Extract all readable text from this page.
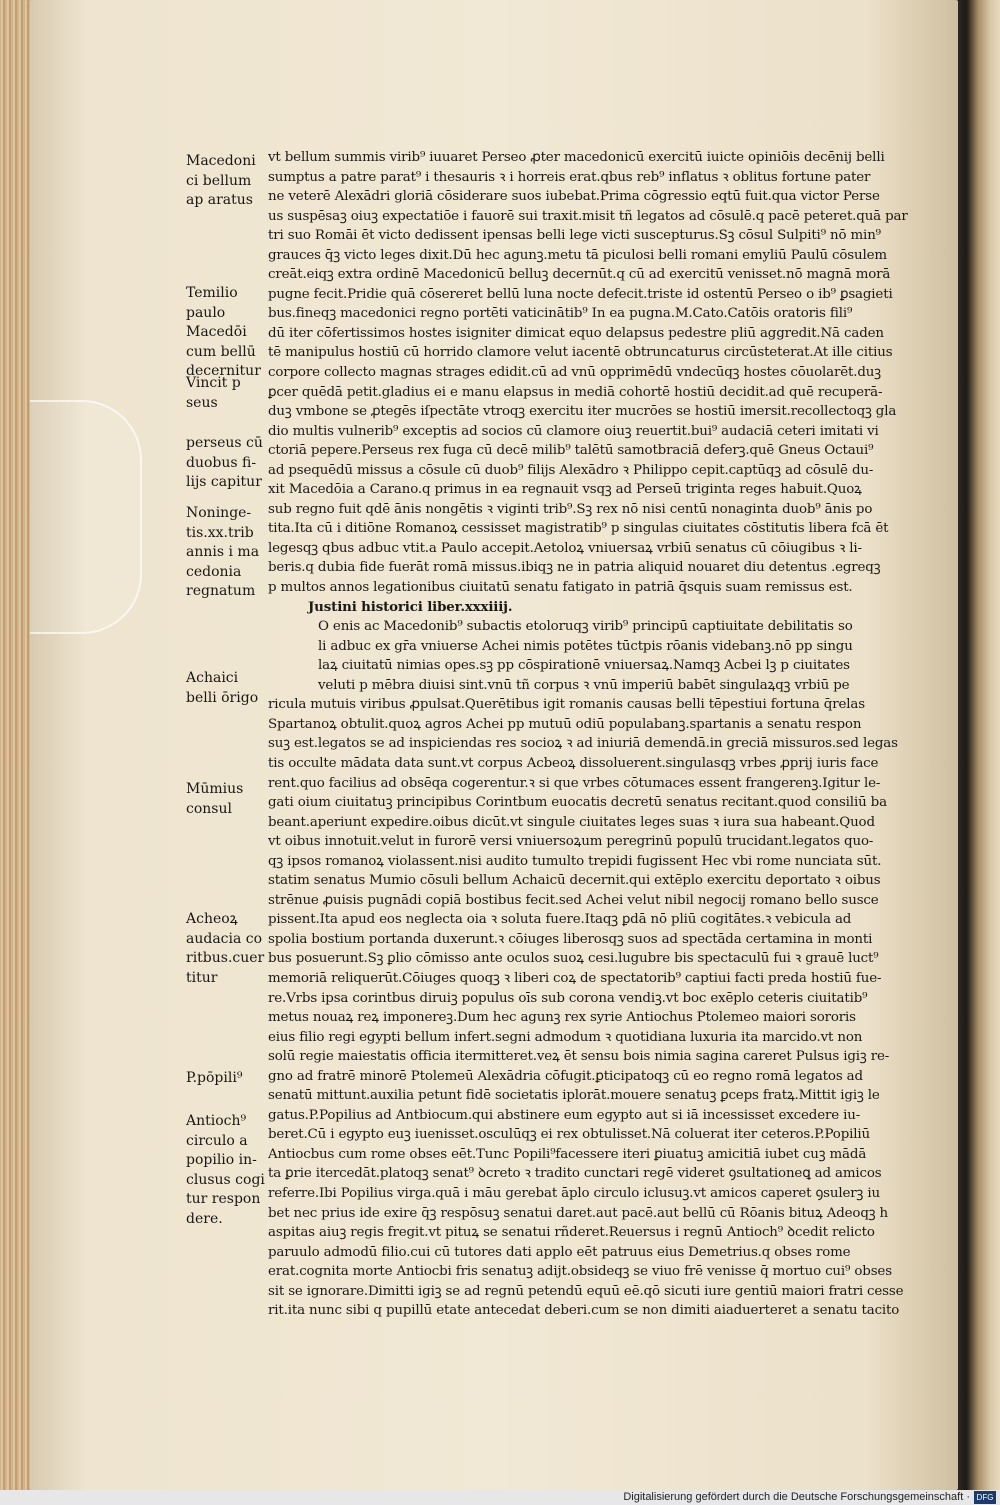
Macedoni
ci bellum
ap aratus
Temilio
paulo
Macedōi
cum bellū
decernitur
Vincit p
seus
perseus cū
duobus fi-
lijs capitur
Noninge-
tis.xx.trib
annis i ma
cedonia
regnatum
Achaici
belli ōrigo
Mūmius
consul
Acheoꝝ
audacia co
ritbus.cuer
titur
P.pōpili⁹
Antioch⁹
circulo a
popilio in-
clusus cogi
tur respon
dere.
vt bellum summis virib⁹ iuuaret Perseo ꝓter macedonicū exercitū iuicte opiniōis decēnij belli
sumptus a patre parat⁹ i thesauris ꝛ i horreis erat.qbus reb⁹ inflatus ꝛ oblitus fortune pater
ne veterē Alexādri gloriā cōsiderare suos iubebat.Prima cōgressio eqtū fuit.qua victor Perse
us suspēsaꝫ oiuꝫ expectatiōe i fauorē sui traxit.misit tñ legatos ad cōsulē.q pacē peteret.quā par
tri suo Romāi ēt victo dedissent ipensas belli lege victi suscepturus.Sꝫ cōsul Sulpiti⁹ nō min⁹
grauces q̄ꝫ victo leges dixit.Dū hec agunꝫ.metu tā piculosi belli romani emyliū Paulū cōsulem
creāt.eiqꝫ extra ordinē Macedonicū belluꝫ decernūt.q cū ad exercitū venisset.nō magnā morā
pugne fecit.Pridie quā cōsereret bellū luna nocte defecit.triste id ostentū Perseo o ib⁹ ꝑsagieti
bus.fineqꝫ macedonici regno portēti vaticinātib⁹ In ea pugna.M.Cato.Catōis oratoris fili⁹
dū iter cōfertissimos hostes isigniter dimicat equo delapsus pedestre pliū aggredit.Nā caden
tē manipulus hostiū cū horrido clamore velut iacentē obtruncaturus circūsteterat.At ille citius
corpore collecto magnas strages edidit.cū ad vnū opprimēdū vndecūqꝫ hostes cōuolarēt.duꝫ
ꝑcer quēdā petit.gladius ei e manu elapsus in mediā cohortē hostiū decidit.ad quē recuperā-
duꝫ vmbone se ꝓtegēs iſpectāte vtroqꝫ exercitu iter mucrōes se hostiū imersit.recollectoqꝫ gla
dio multis vulnerib⁹ exceptis ad socios cū clamore oiuꝫ reuertit.bui⁹ audaciā ceteri imitati vi
ctoriā pepere.Perseus rex fuga cū decē milib⁹ talētū samotbraciā deferꝫ.quē Gneus Octaui⁹
ad psequēdū missus a cōsule cū duob⁹ filijs Alexādro ꝛ Philippo cepit.captūqꝫ ad cōsulē du-
xit Macedōia a Carano.q primus in ea regnauit vsqꝫ ad Perseū triginta reges habuit.Quoꝝ
sub regno fuit qdē ānis nongētis ꝛ viginti trib⁹.Sꝫ rex nō nisi centū nonaginta duob⁹ ānis po
tita.Ita cū i ditiōne Romanoꝝ cessisset magistratib⁹ p singulas ciuitates cōstitutis libera fcā ēt
legesqꝫ qbus adbuc vtit.a Paulo accepit.Aetoloꝝ vniuersaꝝ vrbiū senatus cū cōiugibus ꝛ li-
beris.q dubia fide fuerāt romā missus.ibiqꝫ ne in patria aliquid nouaret diu detentus .egreqꝫ
p multos annos legationibus ciuitatū senatu fatigato in patriā q̄squis suam remissus est.
Justini historici liber.xxxiiij.
O enis ac Macedonib⁹ subactis etoloruqꝫ virib⁹ principū captiuitate debilitatis so
li adbuc ex gr̄a vniuerse Achei nimis potētes tūctpis rōanis videbanꝫ.nō pp singu
laꝝ ciuitatū nimias opes.sꝫ pp cōspirationē vniuersaꝝ.Namqꝫ Acbei lꝫ p ciuitates
veluti p mēbra diuisi sint.vnū tñ corpus ꝛ vnū imperiū babēt singulaꝝqꝫ vrbiū pe
ricula mutuis viribus ꝓpulsat.Querētibus igit romanis causas belli tēpestiui fortuna q̄relas
Spartanoꝝ obtulit.quoꝝ agros Achei pp mutuū odiū populabanꝫ.spartanis a senatu respon
suꝫ est.legatos se ad inspiciendas res socioꝝ ꝛ ad iniuriā demendā.in greciā missuros.sed legas
tis occulte mādata data sunt.vt corpus Acbeoꝝ dissoluerent.singulasqꝫ vrbes ꝓprij iuris face
rent.quo facilius ad obsēqa cogerentur.ꝛ si que vrbes cōtumaces essent frangerenꝫ.Igitur le-
gati oium ciuitatuꝫ principibus Corintbum euocatis decretū senatus recitant.quod consiliū ba
beant.aperiunt expedire.oibus dicūt.vt singule ciuitates leges suas ꝛ iura sua habeant.Quod
vt oibus innotuit.velut in furorē versi vniuersoꝝum peregrinū populū trucidant.legatos quo-
qꝫ ipsos romanoꝝ violassent.nisi audito tumulto trepidi fugissent Hec vbi rome nunciata sūt.
statim senatus Mumio cōsuli bellum Achaicū decernit.qui extēplo exercitu deportato ꝛ oibus
strēnue ꝓuisis pugnādi copiā bostibus fecit.sed Achei velut nibil negocij romano bello susce
pissent.Ita apud eos neglecta oia ꝛ soluta fuere.Itaqꝫ ꝑdā nō pliū cogitātes.ꝛ vebicula ad
spolia bostium portanda duxerunt.ꝛ cōiuges liberosqꝫ suos ad spectāda certamina in monti
bus posuerunt.Sꝫ ꝑlio cōmisso ante oculos suoꝝ cesi.lugubre bis spectaculū fui ꝛ grauē luct⁹
memoriā reliquerūt.Cōiuges quoqꝫ ꝛ liberi coꝝ de spectatorib⁹ captiui facti preda hostiū fue-
re.Vrbs ipsa corintbus diruiꝫ populus oīs sub corona vendiꝫ.vt boc exēplo ceteris ciuitatib⁹
metus nouaꝝ reꝝ imponereꝫ.Dum hec agunꝫ rex syrie Antiochus Ptolemeo maiori sororis
eius filio regi egypti bellum infert.segni admodum ꝛ quotidiana luxuria ita marcido.vt non
solū regie maiestatis officia itermitteret.veꝝ ēt sensu bois nimia sagina careret Pulsus igiꝫ re-
gno ad fratrē minorē Ptolemeū Alexādria cōfugit.ꝑticipatoqꝫ cū eo regno romā legatos ad
senatū mittunt.auxilia petunt fidē societatis iplorāt.mouere senatuꝫ ꝑceps fratꝝ.Mittit igiꝫ le
gatus.P.Popilius ad Antbiocum.qui abstinere eum egypto aut si iā incessisset excedere iu-
beret.Cū i egypto euꝫ iuenisset.osculūqꝫ ei rex obtulisset.Nā coluerat iter ceteros.P.Popiliū
Antiocbus cum rome obses eēt.Tunc Popili⁹facessere iteri ꝑiuatuꝫ amicitiā iubet cuꝫ mādā
ta ꝑrie itercedāt.platoqꝫ senat⁹ ꝺcreto ꝛ tradito cunctari regē videret ꝯsultationeꝗ ad amicos
referre.Ibi Popilius virga.quā i māu gerebat āplo circulo iclusuꝫ.vt amicos caperet ꝯsulerꝫ iu
bet nec prius ide exire q̄ꝫ respōsuꝫ senatui daret.aut pacē.aut bellū cū Rōanis bituꝝ Adeoqꝫ h
aspitas aiuꝫ regis fregit.vt pituꝝ se senatui rñderet.Reuersus i regnū Antioch⁹ ꝺcedit relicto
paruulo admodū filio.cui cū tutores dati applo eēt patruus eius Demetrius.q obses rome
erat.cognita morte Antiocbi fris senatuꝫ adijt.obsideqꝫ se viuo frē venisse q̄ mortuo cui⁹ obses
sit se ignorare.Dimitti igiꝫ se ad regnū petendū equū eē.qō sicuti iure gentiū maiori fratri cesse
rit.ita nunc sibi q pupillū etate antecedat deberi.cum se non dimiti aiaduerteret a senatu tacito
Digitalisierung gefördert durch die Deutsche Forschungsgemeinschaft · DFG
